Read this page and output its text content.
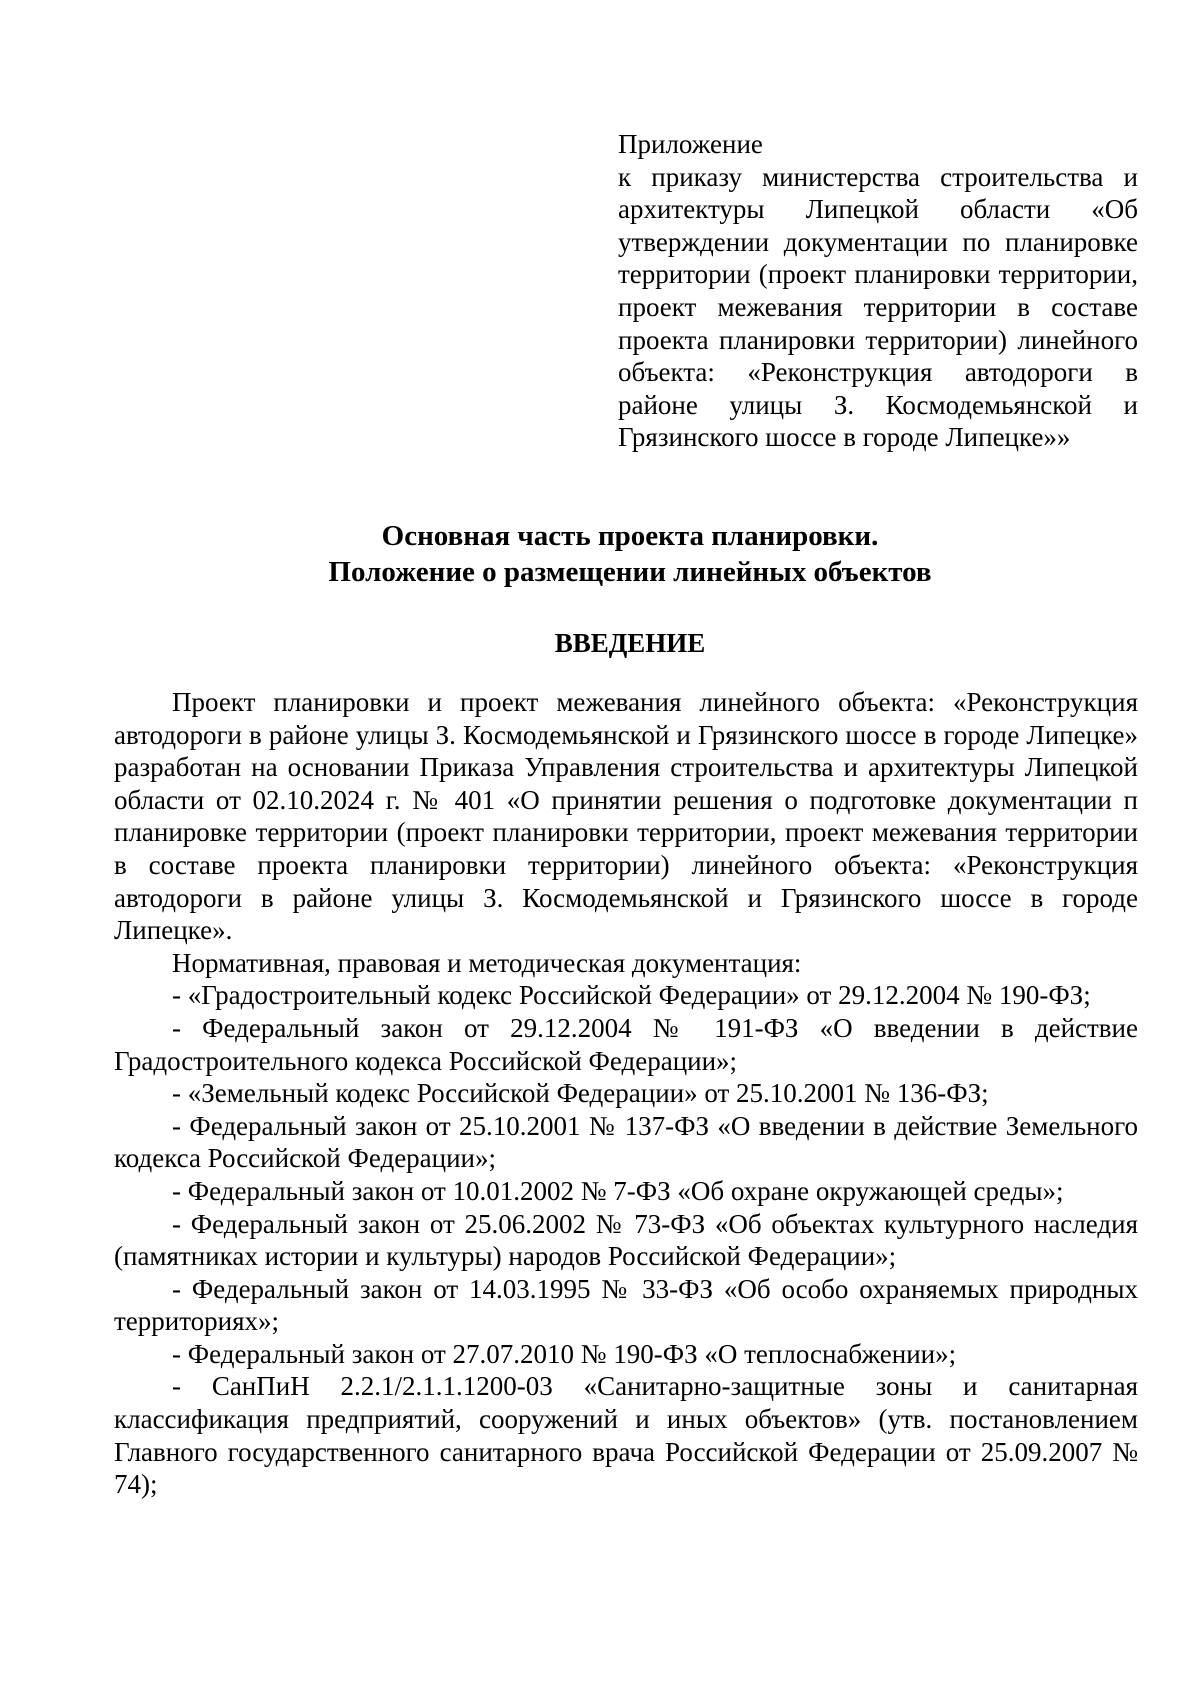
Приложение

к приказу министерства строительства и архитектуры Липецкой области «Об утверждении документации по планировке территории (проект планировки территории, проект межевания территории в составе проекта планировки территории) линейного объекта: «Реконструкция автодороги в районе улицы З. Космодемьянской и Грязинского шоссе в городе Липецке»»

Основная часть проекта планировки.
Положение о размещении линейных объектов
ВВЕДЕНИЕ

Проект планировки и проект межевания линейного объекта: «Реконструкция автодороги в районе улицы З. Космодемьянской и Грязинского шоссе в городе Липецке» разработан на основании Приказа Управления строительства и архитектуры Липецкой области от 02.10.2024 г. № 401 «О принятии решения о подготовке документации п планировке территории (проект планировки территории, проект межевания территории в составе проекта планировки территории) линейного объекта: «Реконструкция автодороги в районе улицы З. Космодемьянской и Грязинского шоссе в городе Липецке».

Нормативная, правовая и методическая документация:

- «Градостроительный кодекс Российской Федерации» от 29.12.2004 № 190-ФЗ;

- Федеральный закон от 29.12.2004 № 191-ФЗ «О введении в действие Градостроительного кодекса Российской Федерации»;

- «Земельный кодекс Российской Федерации» от 25.10.2001 № 136-ФЗ;

- Федеральный закон от 25.10.2001 № 137-ФЗ «О введении в действие Земельного кодекса Российской Федерации»;

- Федеральный закон от 10.01.2002 № 7-ФЗ «Об охране окружающей среды»;

- Федеральный закон от 25.06.2002 № 73-ФЗ «Об объектах культурного наследия (памятниках истории и культуры) народов Российской Федерации»;

- Федеральный закон от 14.03.1995 № 33-ФЗ «Об особо охраняемых природных территориях»;

- Федеральный закон от 27.07.2010 № 190-ФЗ «О теплоснабжении»;

- СанПиН 2.2.1/2.1.1.1200-03 «Санитарно-защитные зоны и санитарная классификация предприятий, сооружений и иных объектов» (утв. постановлением Главного государственного санитарного врача Российской Федерации от 25.09.2007 № 74);
